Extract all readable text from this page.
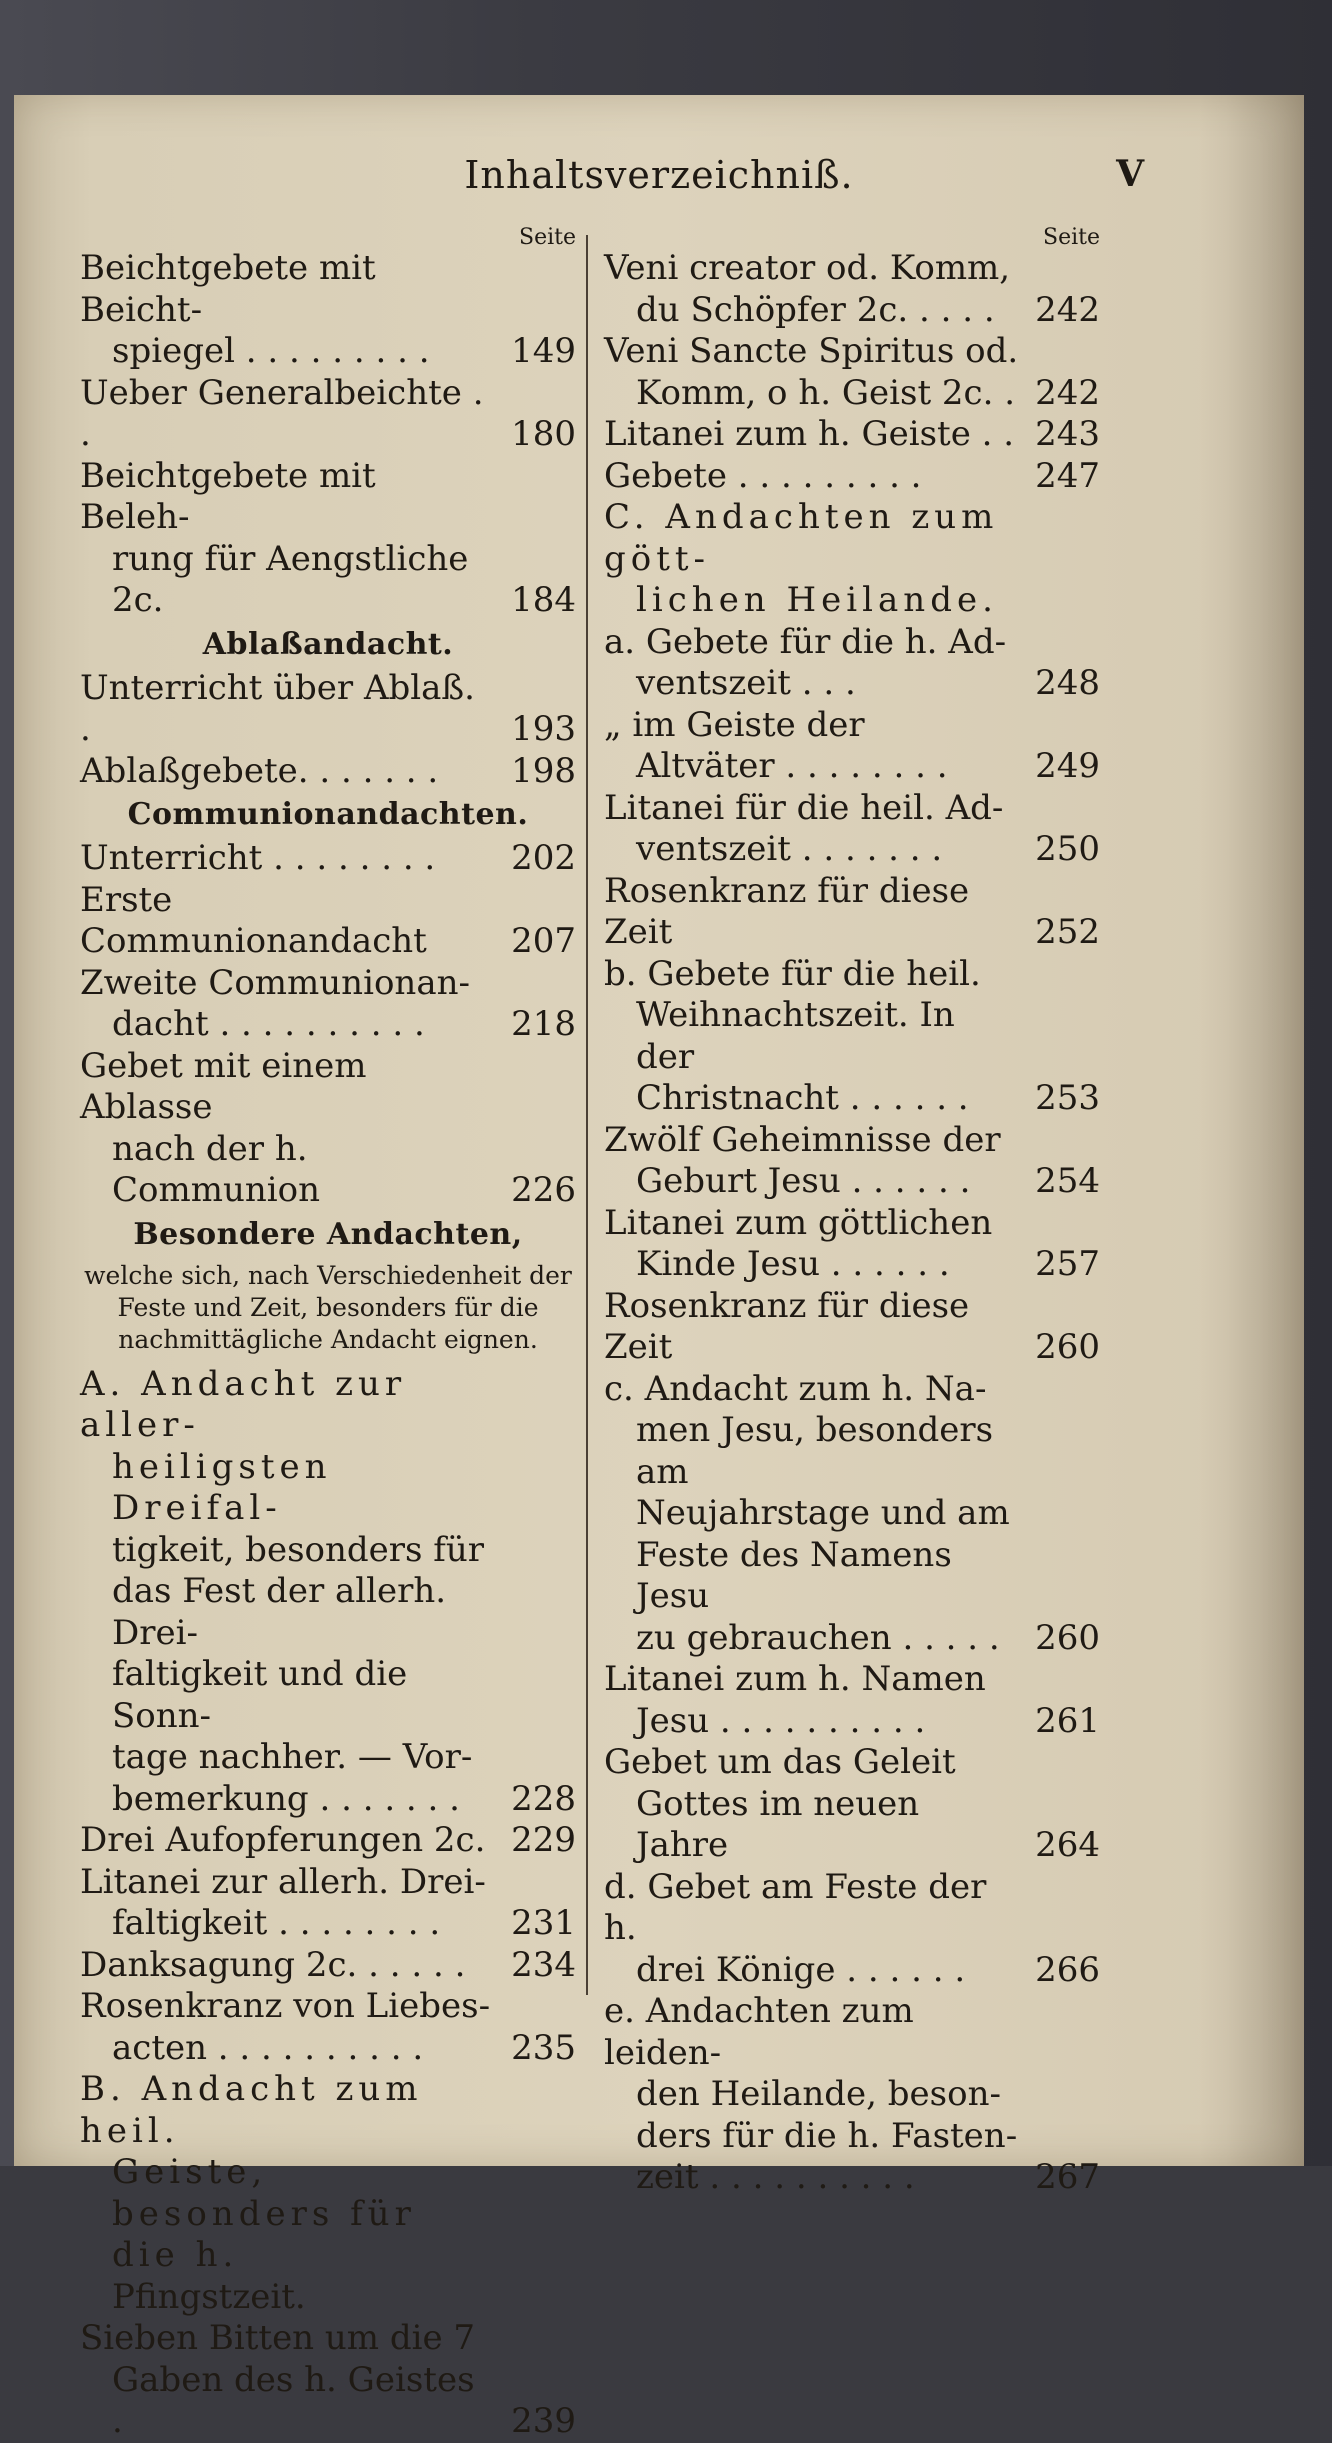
Inhaltsverzeichniß.	V
Seite
Beichtgebete mit Beicht-
spiegel . . . . . . . . .	149
Ueber Generalbeichte . .	180
Beichtgebete mit Beleh-
rung für Aengstliche 2c.	184
Ablaßandacht.
Unterricht über Ablaß. .	193
Ablaßgebete. . . . . . .	198
Communionandachten.
Unterricht . . . . . . . .	202
Erste Communionandacht	207
Zweite Communionan-
dacht . . . . . . . . . .	218
Gebet mit einem Ablasse
nach der h. Communion	226
Besondere Andachten,
welche sich, nach Verschiedenheit der Feste und Zeit, besonders für die nachmittägliche Andacht eignen.
A. Andacht zur aller-
heiligsten Dreifal-
tigkeit, besonders für
das Fest der allerh. Drei-
faltigkeit und die Sonn-
tage nachher. — Vor-
bemerkung . . . . . . .	228
Drei Aufopferungen 2c. 229
Litanei zur allerh. Drei-
faltigkeit . . . . . . . .	231
Danksagung 2c. . . . . .	234
Rosenkranz von Liebes-
acten . . . . . . . . . .	235
B. Andacht zum heil.
Geiste, besonders für die h.
Pfingstzeit.
Sieben Bitten um die 7
Gaben des h. Geistes .	239
Seite
Veni creator od. Komm,
du Schöpfer 2c. . . . .	242
Veni Sancte Spiritus od.
Komm, o h. Geist 2c. . 242
Litanei zum h. Geiste . . 243
Gebete . . . . . . . . .	247
C. Andachten zum gött-
lichen Heilande.
a. Gebete für die h. Ad-
ventszeit . . .	248
„ im Geiste der
Altväter . . . . . . . .	249
Litanei für die heil. Ad-
ventszeit . . . . . . .	250
Rosenkranz für diese Zeit	252
b. Gebete für die heil.
Weihnachtszeit. In der
Christnacht . . . . . .	253
Zwölf Geheimnisse der
Geburt Jesu . . . . . .	254
Litanei zum göttlichen
Kinde Jesu . . . . . .	257
Rosenkranz für diese Zeit	260
c. Andacht zum h. Na-
men Jesu, besonders am
Neujahrstage und am
Feste des Namens Jesu
zu gebrauchen . . . . .	260
Litanei zum h. Namen
Jesu . . . . . . . . . .	261
Gebet um das Geleit
Gottes im neuen Jahre	264
d. Gebet am Feste der h.
drei Könige . . . . . .	266
e. Andachten zum leiden-
den Heilande, beson-
ders für die h. Fasten-
zeit . . . . . . . . . .	267
